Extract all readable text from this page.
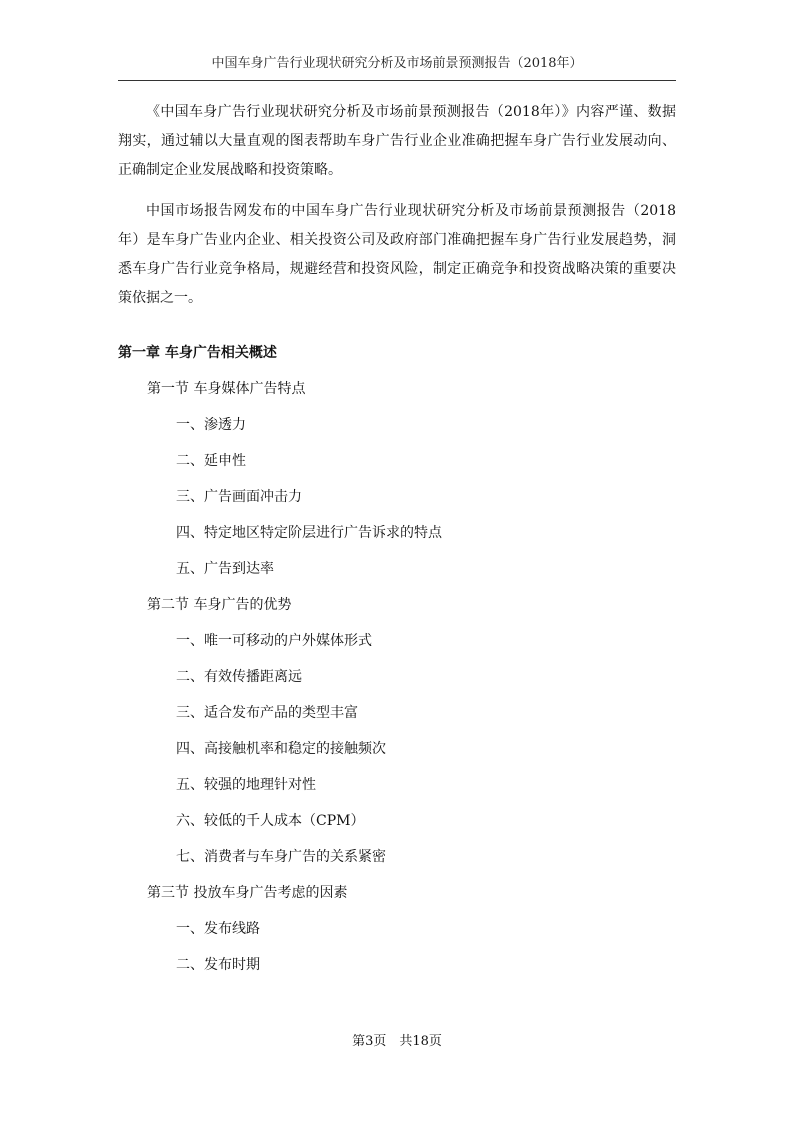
中国车身广告行业现状研究分析及市场前景预测报告（2018年）

《中国车身广告行业现状研究分析及市场前景预测报告（2018年）》内容严谨、数据翔实，通过辅以大量直观的图表帮助车身广告行业企业准确把握车身广告行业发展动向、正确制定企业发展战略和投资策略。

中国市场报告网发布的中国车身广告行业现状研究分析及市场前景预测报告（2018年）是车身广告业内企业、相关投资公司及政府部门准确把握车身广告行业发展趋势，洞悉车身广告行业竞争格局，规避经营和投资风险，制定正确竞争和投资战略决策的重要决策依据之一。

第一章 车身广告相关概述
第一节 车身媒体广告特点
一、渗透力
二、延申性
三、广告画面冲击力
四、特定地区特定阶层进行广告诉求的特点
五、广告到达率
第二节 车身广告的优势
一、唯一可移动的户外媒体形式
二、有效传播距离远
三、适合发布产品的类型丰富
四、高接触机率和稳定的接触频次
五、较强的地理针对性
六、较低的千人成本（CPM）
七、消费者与车身广告的关系紧密
第三节 投放车身广告考虑的因素
一、发布线路
二、发布时期
第3页　共18页
